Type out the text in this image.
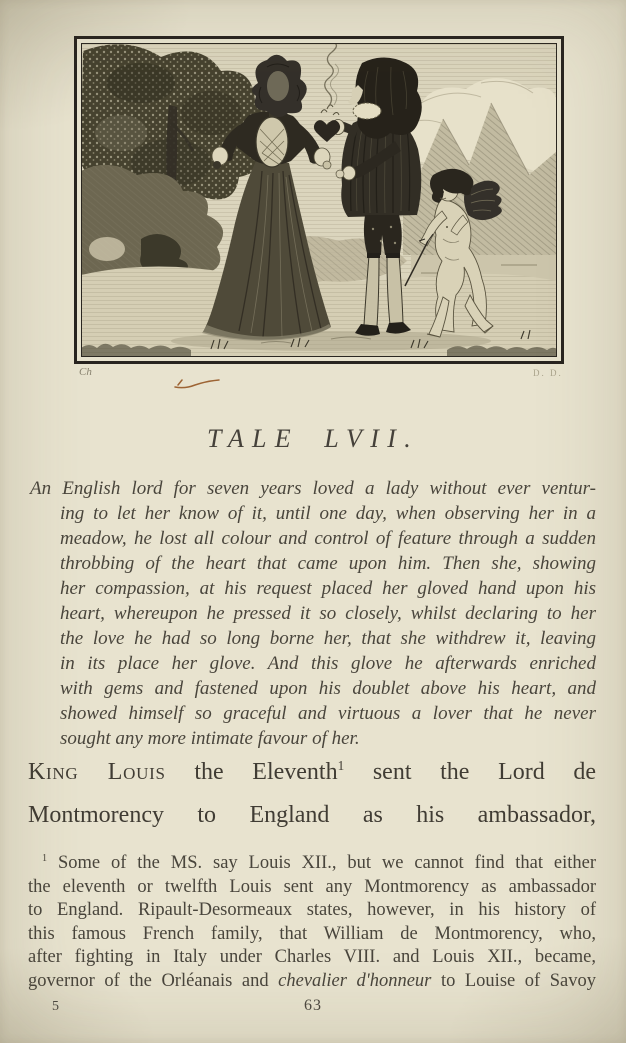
Ch	D. D.
TALE LVII.
An English lord for seven years loved a lady without ever ventur-
ing to let her know of it, until one day, when observing her in a
meadow, he lost all colour and control of feature through a sudden
throbbing of the heart that came upon him. Then she, showing
her compassion, at his request placed her gloved hand upon his
heart, whereupon he pressed it so closely, whilst declaring to her
the love he had so long borne her, that she withdrew it, leaving
in its place her glove. And this glove he afterwards enriched
with gems and fastened upon his doublet above his heart, and
showed himself so graceful and virtuous a lover that he never
sought any more intimate favour of her.
King Louis the Eleventh$^1$ sent the Lord de
Montmorency to England as his ambassador,
$^1$ Some of the MS. say Louis XII., but we cannot find that either
the eleventh or twelfth Louis sent any Montmorency as ambassador
to England. Ripault-Desormeaux states, however, in his history of
this famous French family, that William de Montmorency, who,
after fighting in Italy under Charles VIII. and Louis XII., became,
governor of the Orléanais and chevalier d'honneur to Louise of Savoy
5	63
